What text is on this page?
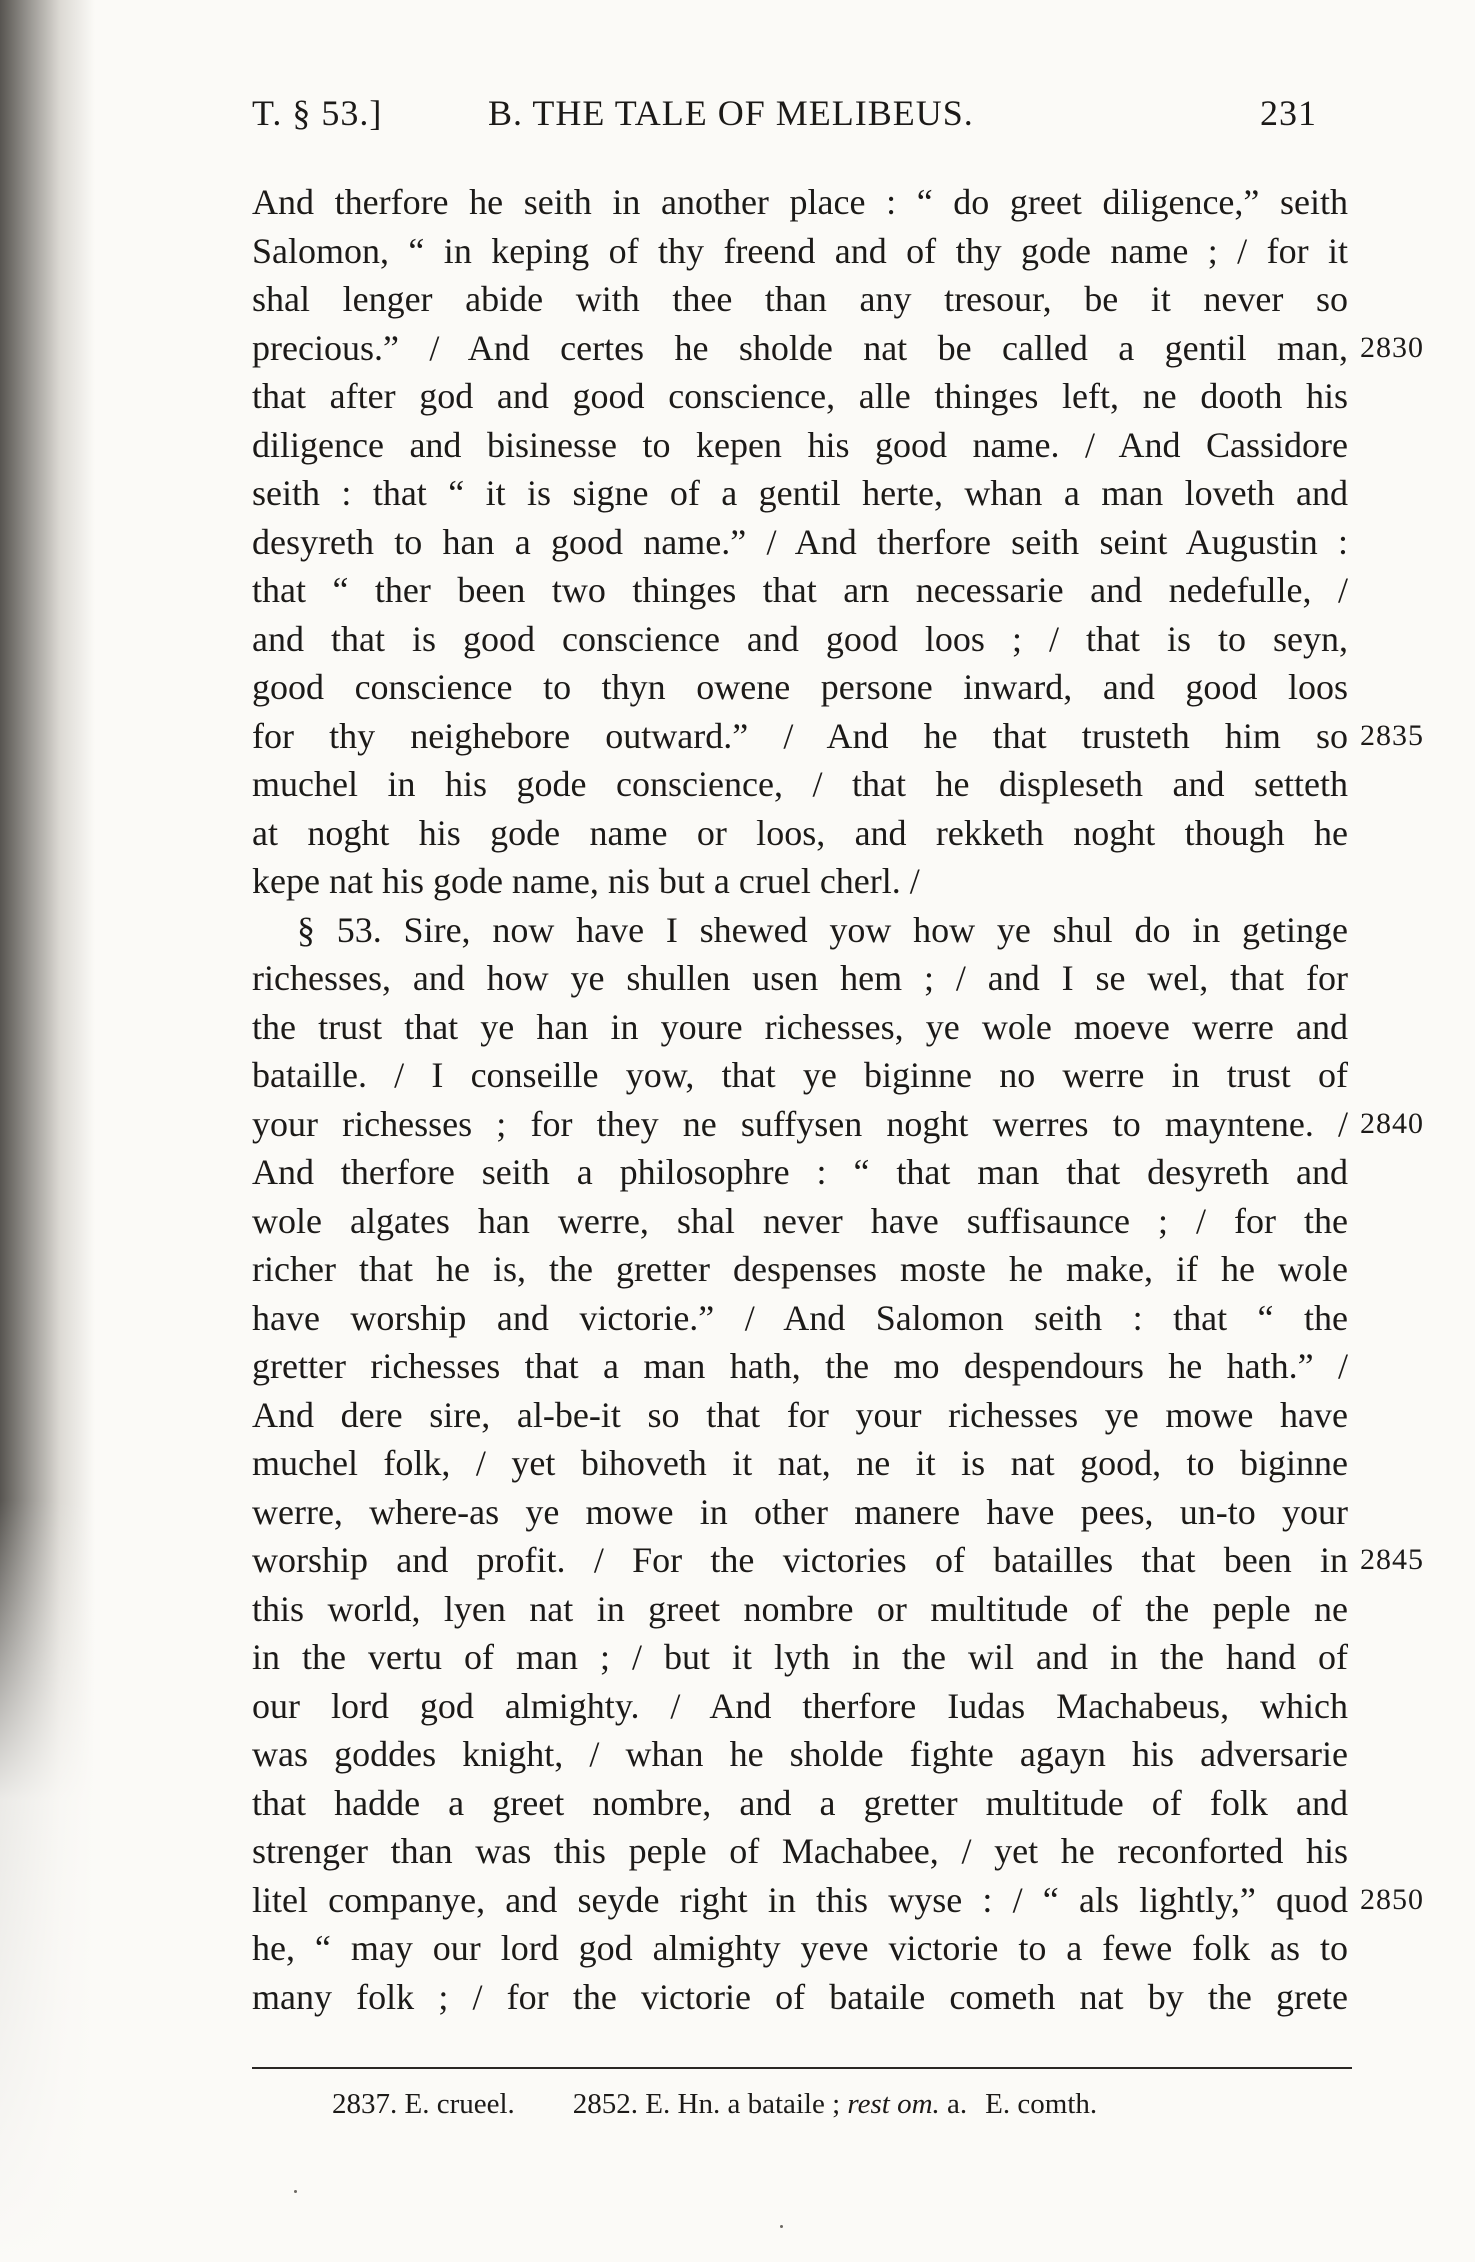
T. § 53.]	B. THE TALE OF MELIBEUS.	231
And therfore he seith in another place : “ do greet diligence,” seith
Salomon, “ in keping of thy freend and of thy gode name ; / for it
shal lenger abide with thee than any tresour, be it never so
precious.” / And certes he sholde nat be called a gentil man, 2830
that after god and good conscience, alle thinges left, ne dooth his
diligence and bisinesse to kepen his good name. / And Cassidore
seith : that “ it is signe of a gentil herte, whan a man loveth and
desyreth to han a good name.” / And therfore seith seint Augustin :
that “ ther been two thinges that arn necessarie and nedefulle, /
and that is good conscience and good loos ; / that is to seyn,
good conscience to thyn owene persone inward, and good loos
for thy neighebore outward.” / And he that trusteth him so 2835
muchel in his gode conscience, / that he displeseth and setteth
at noght his gode name or loos, and rekketh noght though he
kepe nat his gode name, nis but a cruel cherl. /
§ 53. Sire, now have I shewed yow how ye shul do in getinge
richesses, and how ye shullen usen hem ; / and I se wel, that for
the trust that ye han in youre richesses, ye wole moeve werre and
bataille. / I conseille yow, that ye biginne no werre in trust of
your richesses ; for they ne suffysen noght werres to mayntene. / 2840
And therfore seith a philosophre : “ that man that desyreth and
wole algates han werre, shal never have suffisaunce ; / for the
richer that he is, the gretter despenses moste he make, if he wole
have worship and victorie.” / And Salomon seith : that “ the
gretter richesses that a man hath, the mo despendours he hath.” /
And dere sire, al-be-it so that for your richesses ye mowe have
muchel folk, / yet bihoveth it nat, ne it is nat good, to biginne
werre, where-as ye mowe in other manere have pees, un-to your
worship and profit. / For the victories of batailles that been in 2845
this world, lyen nat in greet nombre or multitude of the peple ne
in the vertu of man ; / but it lyth in the wil and in the hand of
our lord god almighty. / And therfore Iudas Machabeus, which
was goddes knight, / whan he sholde fighte agayn his adversarie
that hadde a greet nombre, and a gretter multitude of folk and
strenger than was this peple of Machabee, / yet he reconforted his
litel companye, and seyde right in this wyse : / “ als lightly,” quod 2850
he, “ may our lord god almighty yeve victorie to a fewe folk as to
many folk ; / for the victorie of bataile cometh nat by the grete
2837. E. crueel. 2852. E. Hn. a bataile ; rest om. a. E. comth.
